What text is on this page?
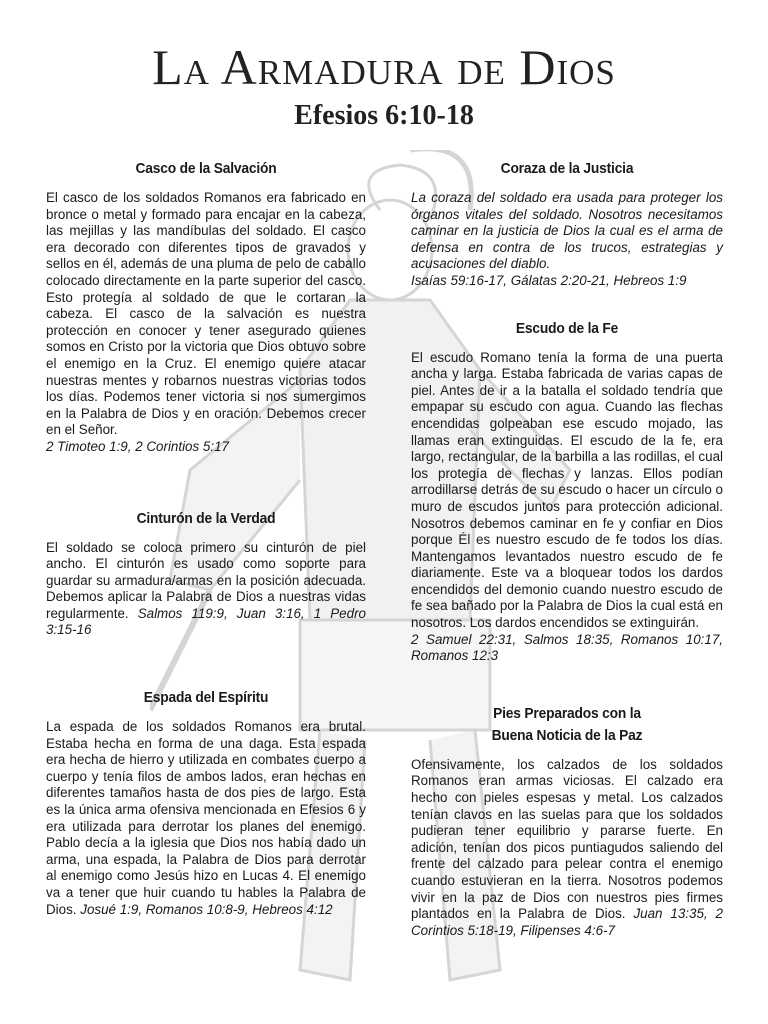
La Armadura de Dios
Efesios 6:10-18
Casco de la Salvación

El casco de los soldados Romanos era fabricado en bronce o metal y formado para encajar en la cabeza, las mejillas y las mandíbulas del soldado. El casco era decorado con diferentes tipos de gravados y sellos en él, además de una pluma de pelo de caballo colocado directamente en la parte superior del casco. Esto protegía al soldado de que le cortaran la cabeza. El casco de la salvación es nuestra protección en conocer y tener asegurado quienes somos en Cristo por la victoria que Dios obtuvo sobre el enemigo en la Cruz. El enemigo quiere atacar nuestras mentes y robarnos nuestras victorias todos los días. Podemos tener victoria si nos sumergimos en la Palabra de Dios y en oración. Debemos crecer en el Señor.
2 Timoteo 1:9, 2 Corintios 5:17

Cinturón de la Verdad

El soldado se coloca primero su cinturón de piel ancho. El cinturón es usado como soporte para guardar su armadura/armas en la posición adecuada. Debemos aplicar la Palabra de Dios a nuestras vidas regularmente. Salmos 119:9, Juan 3:16, 1 Pedro 3:15-16

Espada del Espíritu

La espada de los soldados Romanos era brutal. Estaba hecha en forma de una daga. Esta espada era hecha de hierro y utilizada en combates cuerpo a cuerpo y tenía filos de ambos lados, eran hechas en diferentes tamaños hasta de dos pies de largo. Esta es la única arma ofensiva mencionada en Efesios 6 y era utilizada para derrotar los planes del enemigo. Pablo decía a la iglesia que Dios nos había dado un arma, una espada, la Palabra de Dios para derrotar al enemigo como Jesús hizo en Lucas 4. El enemigo va a tener que huir cuando tu hables la Palabra de Dios. Josué 1:9, Romanos 10:8-9, Hebreos 4:12

Coraza de la Justicia

La coraza del soldado era usada para proteger los órganos vitales del soldado. Nosotros necesitamos caminar en la justicia de Dios la cual es el arma de defensa en contra de los trucos, estrategias y acusaciones del diablo.
Isaías 59:16-17, Gálatas 2:20-21, Hebreos 1:9

Escudo de la Fe

El escudo Romano tenía la forma de una puerta ancha y larga. Estaba fabricada de varias capas de piel. Antes de ir a la batalla el soldado tendría que empapar su escudo con agua. Cuando las flechas encendidas golpeaban ese escudo mojado, las llamas eran extinguidas. El escudo de la fe, era largo, rectangular, de la barbilla a las rodillas, el cual los protegía de flechas y lanzas. Ellos podían arrodillarse detrás de su escudo o hacer un círculo o muro de escudos juntos para protección adicional. Nosotros debemos caminar en fe y confiar en Dios porque Él es nuestro escudo de fe todos los días. Mantengamos levantados nuestro escudo de fe diariamente. Este va a bloquear todos los dardos encendidos del demonio cuando nuestro escudo de fe sea bañado por la Palabra de Dios la cual está en nosotros. Los dardos encendidos se extinguirán.
2 Samuel 22:31, Salmos 18:35, Romanos 10:17, Romanos 12:3

Pies Preparados con la
Buena Noticia de la Paz

Ofensivamente, los calzados de los soldados Romanos eran armas viciosas. El calzado era hecho con pieles espesas y metal. Los calzados tenían clavos en las suelas para que los soldados pudieran tener equilibrio y pararse fuerte. En adición, tenían dos picos puntiagudos saliendo del frente del calzado para pelear contra el enemigo cuando estuvieran en la tierra. Nosotros podemos vivir en la paz de Dios con nuestros pies firmes plantados en la Palabra de Dios. Juan 13:35, 2 Corintios 5:18-19, Filipenses 4:6-7
